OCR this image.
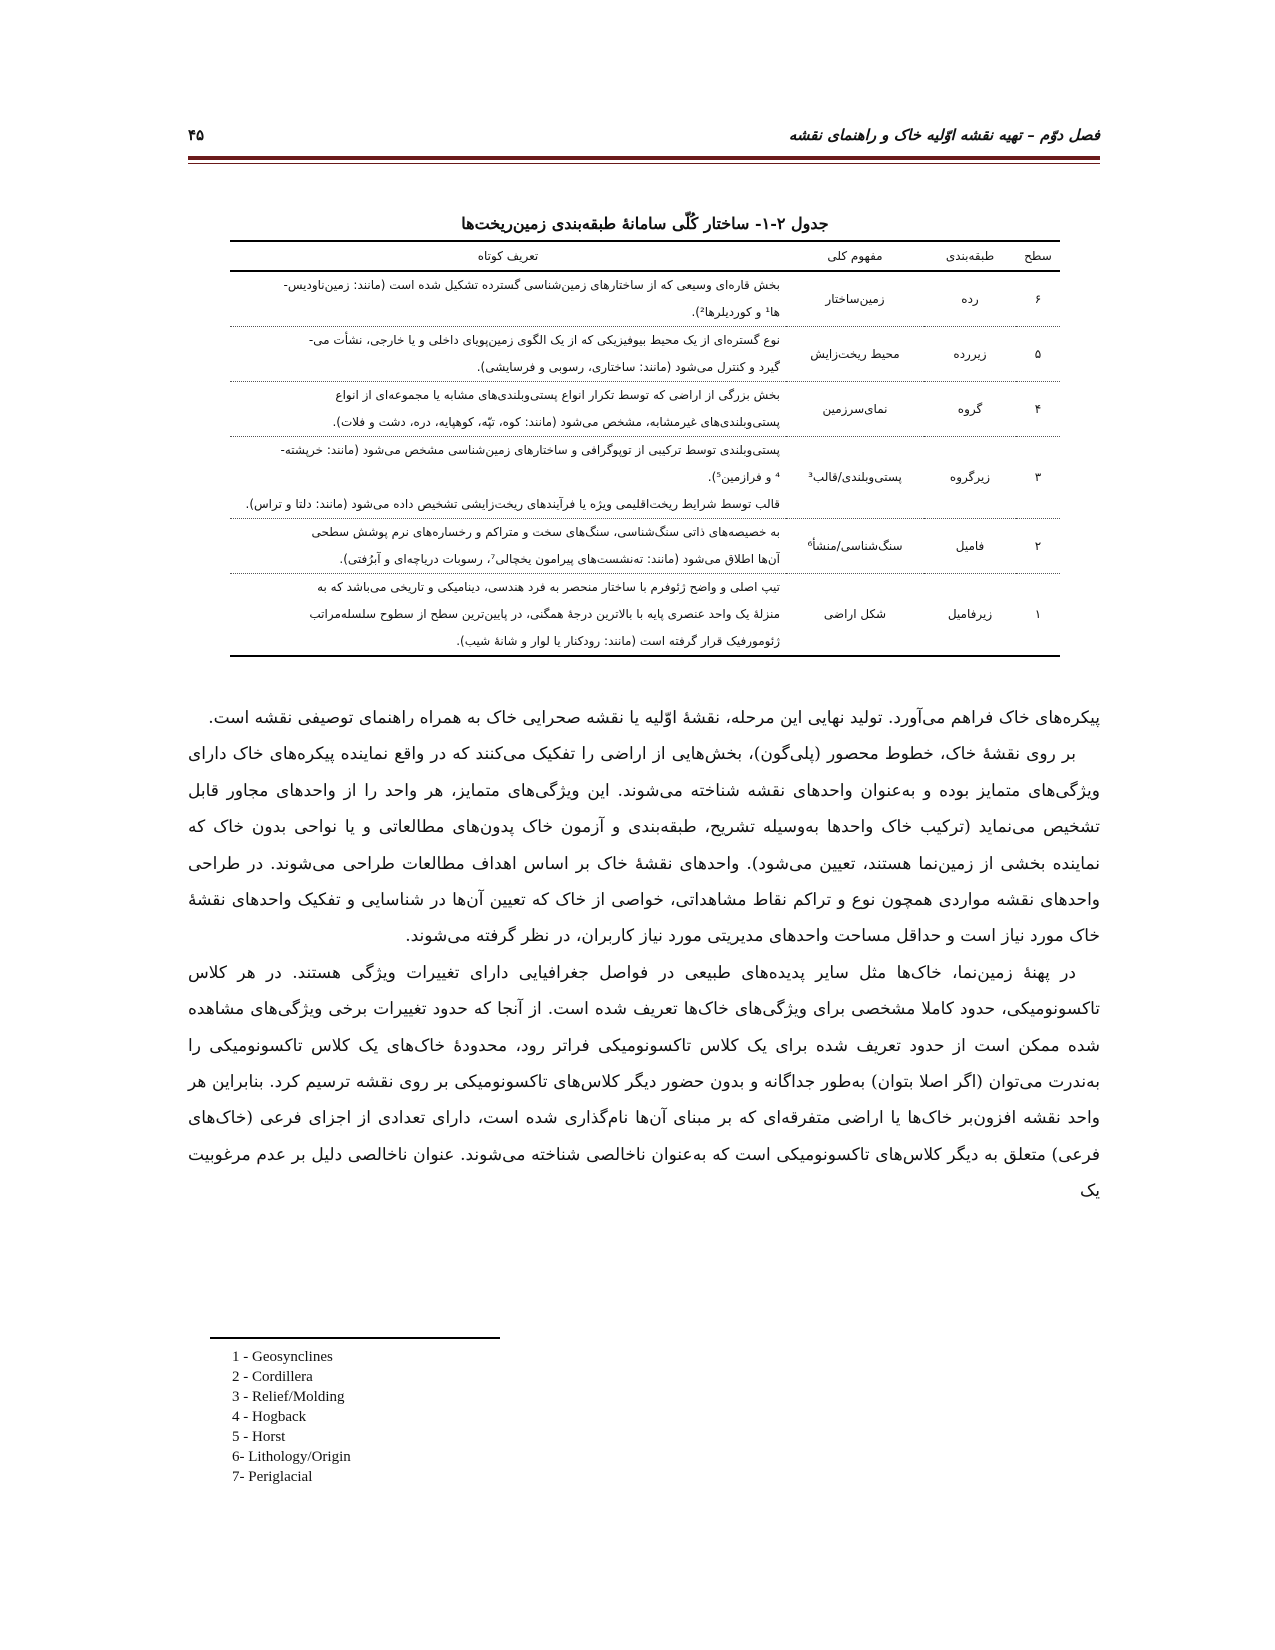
فصل دوّم – تهیه نقشه اوّلیه خاک و راهنمای نقشه
۴۵
جدول ۲-۱- ساختار کُلّی سامانۀ طبقه‌بندی زمین‌ریخت‌ها
سطح	طبقه‌بندی	مفهوم کلی	تعریف کوتاه
۶	رده	زمین‌ساختار	بخش قاره‌ای وسیعی که از ساختارهای زمین‌شناسی گسترده تشکیل شده است (مانند: زمین‌ناودیس-
ها¹ و کوردیلرها²).

۵	زیررده	محیط ریخت‌زایش	نوع گستره‌ای از یک محیط بیوفیزیکی که از یک الگوی زمین‌پویای داخلی و یا خارجی، نشأت می-
گیرد و کنترل می‌شود (مانند: ساختاری، رسوبی و فرسایشی).

۴	گروه	نمای‌سرزمین	بخش بزرگی از اراضی که توسط تکرار انواع پستی‌وبلندی‌های مشابه یا مجموعه‌ای از انواع
پستی‌وبلندی‌های غیرمشابه، مشخص می‌شود (مانند: کوه، تپّه، کوهپایه، دره، دشت و فلات).

۳	زیرگروه	پستی‌وبلندی/قالب³	پستی‌وبلندی توسط ترکیبی از توپوگرافی و ساختارهای زمین‌شناسی مشخص می‌شود (مانند: خرپشته-
⁴ و فرازمین⁵).
قالب توسط شرایط ریخت‌اقلیمی ویژه یا فرآیندهای ریخت‌زایشی تشخیص داده می‌شود (مانند: دلتا و تراس).

۲	فامیل	سنگ‌شناسی/منشأ⁶	به خصیصه‌های ذاتی سنگ‌شناسی، سنگ‌های سخت و متراکم و رخساره‌های نرم پوشش سطحی
آن‌ها اطلاق می‌شود (مانند: ته‌نشست‌های پیرامون یخچالی⁷، رسوبات دریاچه‌ای و آبرُفتی).

۱	زیرفامیل	شکل اراضی	تیپ اصلی و واضح ژئوفرم با ساختار منحصر به فرد هندسی، دینامیکی و تاریخی می‌باشد که به
منزلۀ یک واحد عنصری پایه با بالاترین درجۀ همگنی، در پایین‌ترین سطح از سطوح سلسله‌مراتب
ژئومورفیک قرار گرفته است (مانند: رودکنار یا لوار و شانۀ شیب).

پیکره‌های خاک فراهم می‌آورد. تولید نهایی این مرحله، نقشۀ اوّلیه یا نقشه صحرایی خاک به همراه راهنمای توصیفی نقشه است.

بر روی نقشۀ خاک، خطوط محصور (پلی‌گون)، بخش‌هایی از اراضی را تفکیک می‌کنند که در واقع نماینده پیکره‌های خاک دارای ویژگی‌های متمایز بوده و به‌عنوان واحدهای نقشه شناخته می‌شوند. این ویژگی‌های متمایز، هر واحد را از واحدهای مجاور قابل تشخیص می‌نماید (ترکیب خاک واحدها به‌وسیله تشریح، طبقه‌بندی و آزمون خاک پدون‌های مطالعاتی و یا نواحی بدون خاک که نماینده بخشی از زمین‌نما هستند، تعیین می‌شود). واحدهای نقشۀ خاک بر اساس اهداف مطالعات طراحی می‌شوند. در طراحی واحدهای نقشه مواردی همچون نوع و تراکم نقاط مشاهداتی، خواصی از خاک که تعیین آن‌ها در شناسایی و تفکیک واحدهای نقشۀ خاک مورد نیاز است و حداقل مساحت واحدهای مدیریتی مورد نیاز کاربران، در نظر گرفته می‌شوند.

در پهنۀ زمین‌نما، خاک‌ها مثل سایر پدیده‌های طبیعی در فواصل جغرافیایی دارای تغییرات ویژگی هستند. در هر کلاس تاکسونومیکی، حدود کاملا مشخصی برای ویژگی‌های خاک‌ها تعریف شده است. از آنجا که حدود تغییرات برخی ویژگی‌های مشاهده شده ممکن است از حدود تعریف شده برای یک کلاس تاکسونومیکی فراتر رود، محدودۀ خاک‌های یک کلاس تاکسونومیکی را به‌ندرت می‌توان (اگر اصلا بتوان) به‌طور جداگانه و بدون حضور دیگر کلاس‌های تاکسونومیکی بر روی نقشه ترسیم کرد. بنابراین هر واحد نقشه افزون‌بر خاک‌ها یا اراضی متفرقه‌ای که بر مبنای آن‌ها نام‌گذاری شده است، دارای تعدادی از اجزای فرعی (خاک‌های فرعی) متعلق به دیگر کلاس‌های تاکسونومیکی است که به‌عنوان ناخالصی شناخته می‌شوند. عنوان ناخالصی دلیل بر عدم مرغوبیت یک

1 - Geosynclines
2 - Cordillera
3 - Relief/Molding
4 - Hogback
5 - Horst
6- Lithology/Origin
7- Periglacial
